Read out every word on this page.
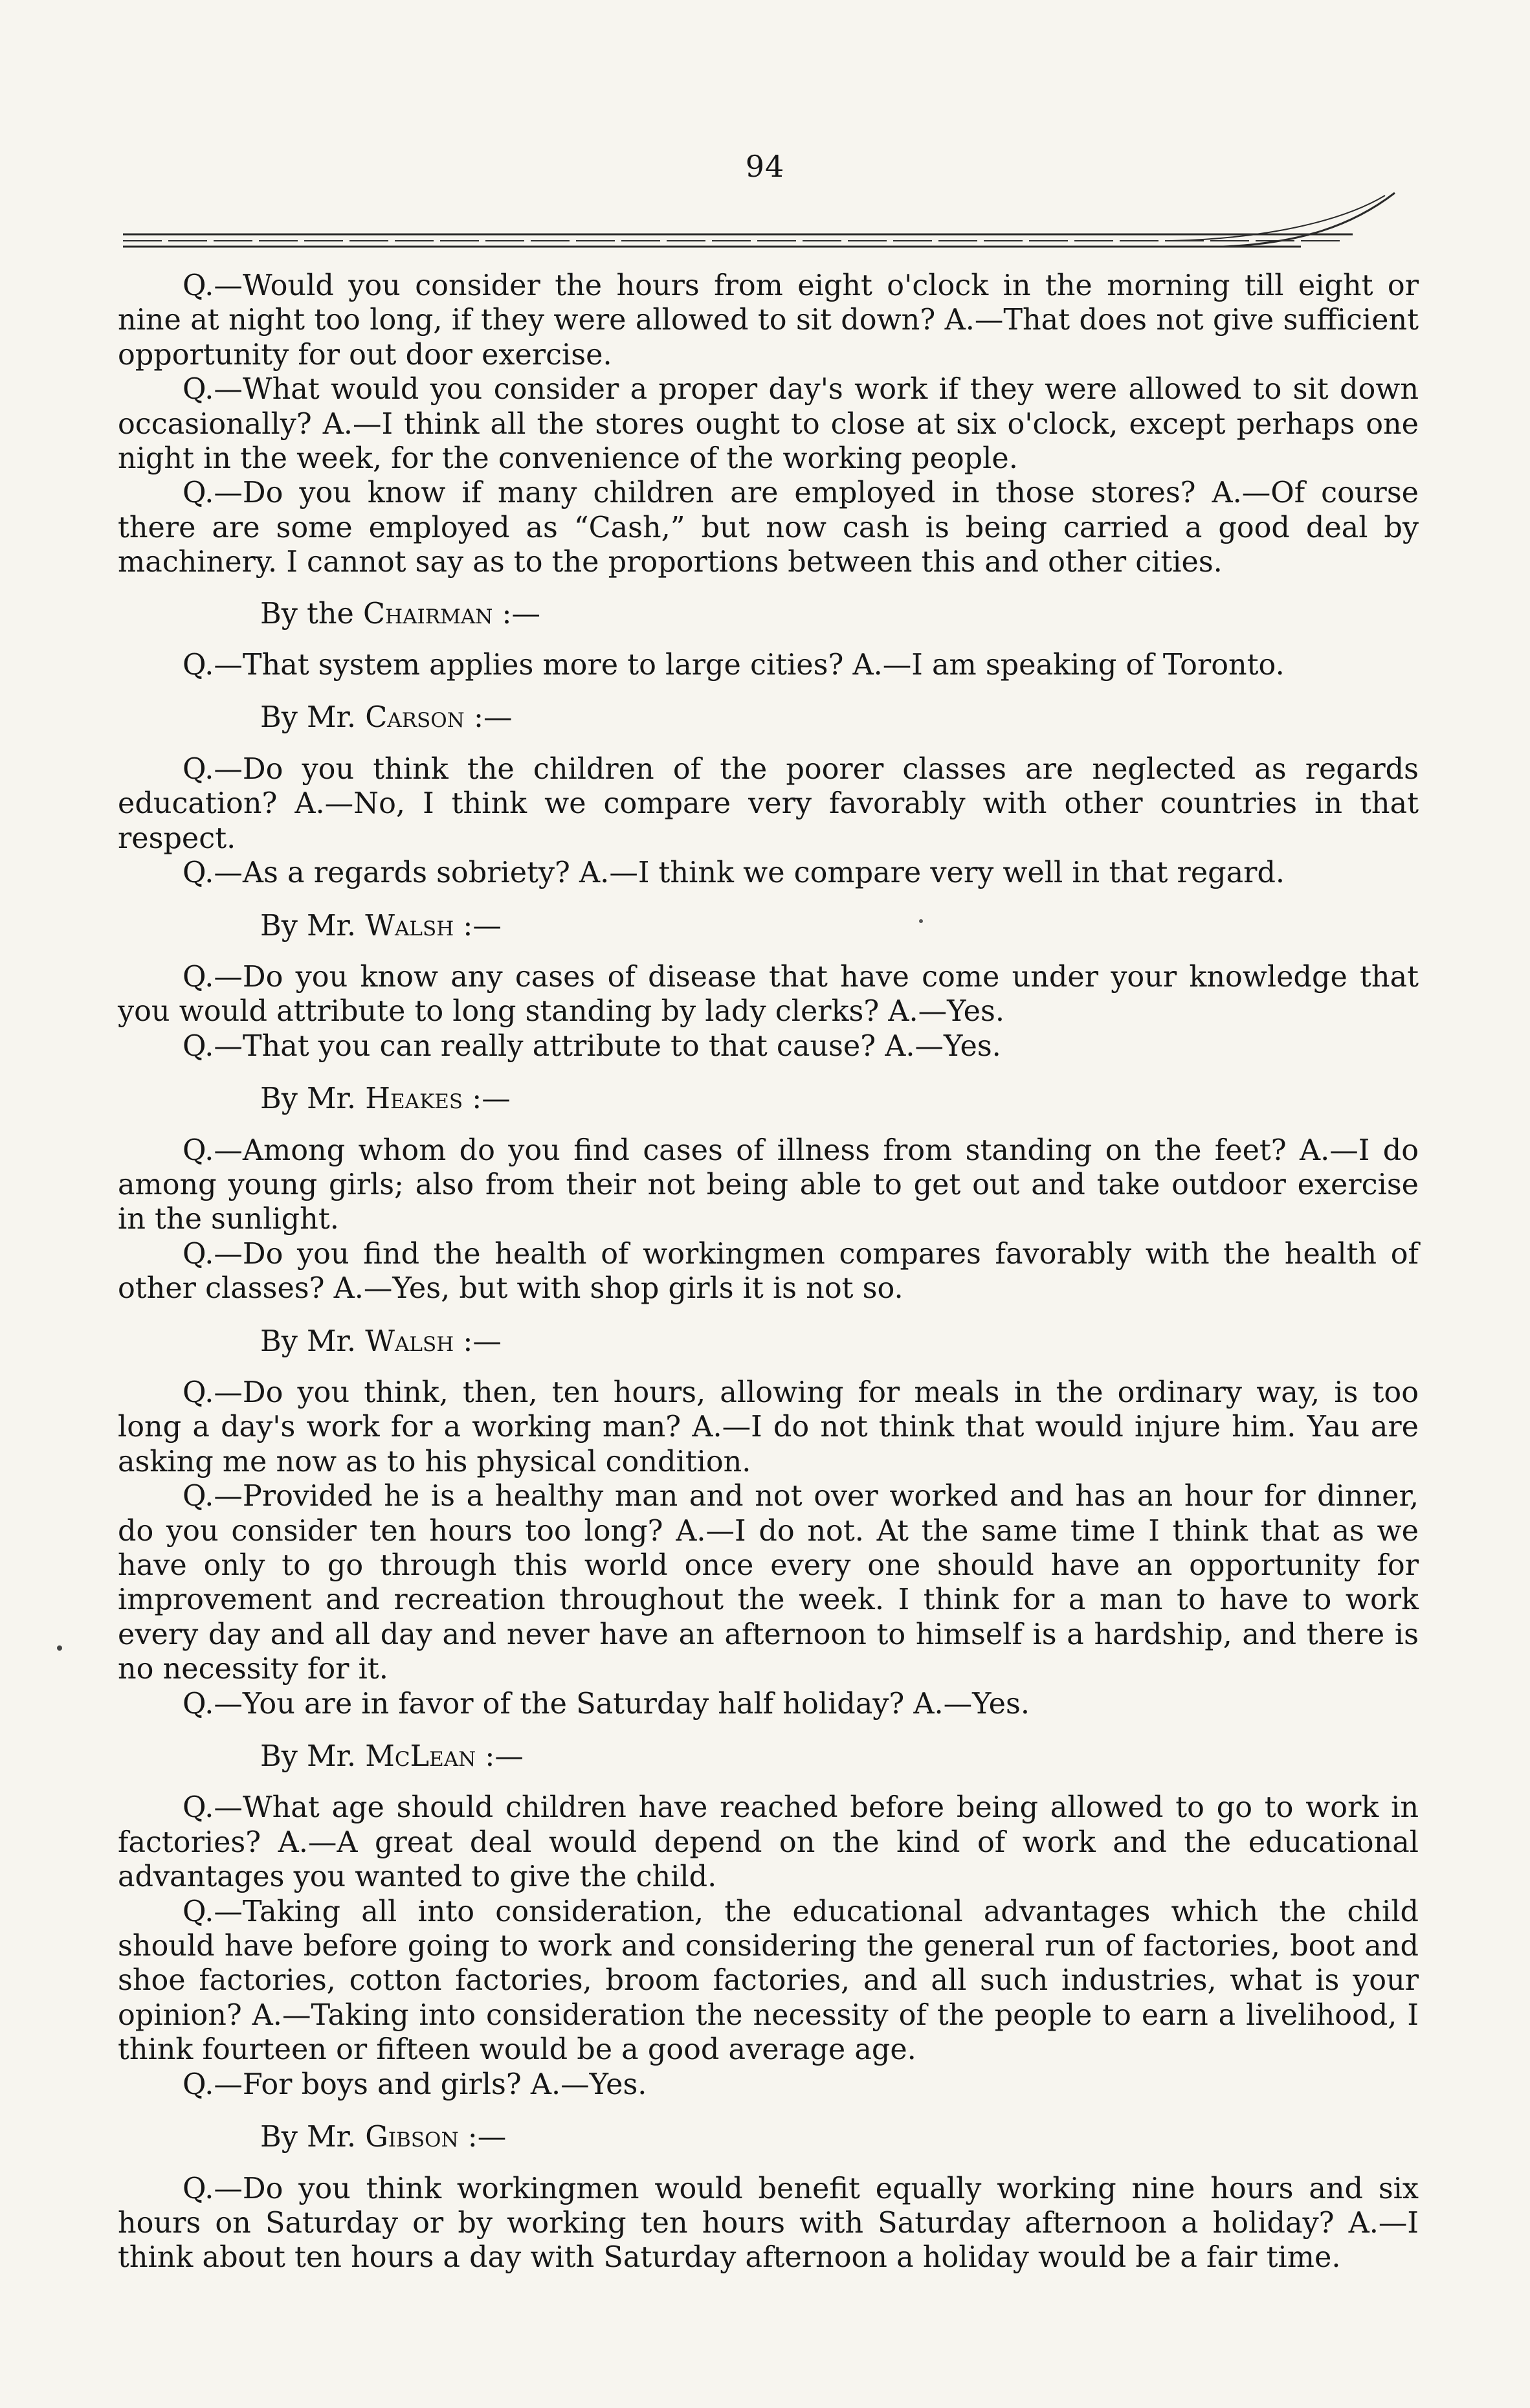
94

Q.—Would you consider the hours from eight o'clock in the morning till eight or nine at night too long, if they were allowed to sit down? A.—That does not give sufficient opportunity for out door exercise.

Q.—What would you consider a proper day's work if they were allowed to sit down occasionally? A.—I think all the stores ought to close at six o'clock, except perhaps one night in the week, for the convenience of the working people.

Q.—Do you know if many children are employed in those stores? A.—Of course there are some employed as “Cash,” but now cash is being carried a good deal by machinery. I cannot say as to the proportions between this and other cities.

By the Chairman :—

Q.—That system applies more to large cities? A.—I am speaking of Toronto.

By Mr. Carson :—

Q.—Do you think the children of the poorer classes are neglected as regards education? A.—No, I think we compare very favorably with other countries in that respect.

Q.—As a regards sobriety? A.—I think we compare very well in that regard.

By Mr. Walsh :—

Q.—Do you know any cases of disease that have come under your knowledge that you would attribute to long standing by lady clerks? A.—Yes.

Q.—That you can really attribute to that cause? A.—Yes.

By Mr. Heakes :—

Q.—Among whom do you find cases of illness from standing on the feet? A.—I do among young girls; also from their not being able to get out and take outdoor exercise in the sunlight.

Q.—Do you find the health of workingmen compares favorably with the health of other classes? A.—Yes, but with shop girls it is not so.

By Mr. Walsh :—

Q.—Do you think, then, ten hours, allowing for meals in the ordinary way, is too long a day's work for a working man? A.—I do not think that would injure him. Yau are asking me now as to his physical condition.

Q.—Provided he is a healthy man and not over worked and has an hour for dinner, do you consider ten hours too long? A.—I do not. At the same time I think that as we have only to go through this world once every one should have an opportunity for improvement and recreation throughout the week. I think for a man to have to work every day and all day and never have an afternoon to himself is a hardship, and there is no necessity for it.

Q.—You are in favor of the Saturday half holiday? A.—Yes.

By Mr. McLean :—

Q.—What age should children have reached before being allowed to go to work in factories? A.—A great deal would depend on the kind of work and the educational advantages you wanted to give the child.

Q.—Taking all into consideration, the educational advantages which the child should have before going to work and considering the general run of factories, boot and shoe factories, cotton factories, broom factories, and all such industries, what is your opinion? A.—Taking into consideration the necessity of the people to earn a livelihood, I think fourteen or fifteen would be a good average age.

Q.—For boys and girls? A.—Yes.

By Mr. Gibson :—

Q.—Do you think workingmen would benefit equally working nine hours and six hours on Saturday or by working ten hours with Saturday afternoon a holiday? A.—I think about ten hours a day with Saturday afternoon a holiday would be a fair time.
